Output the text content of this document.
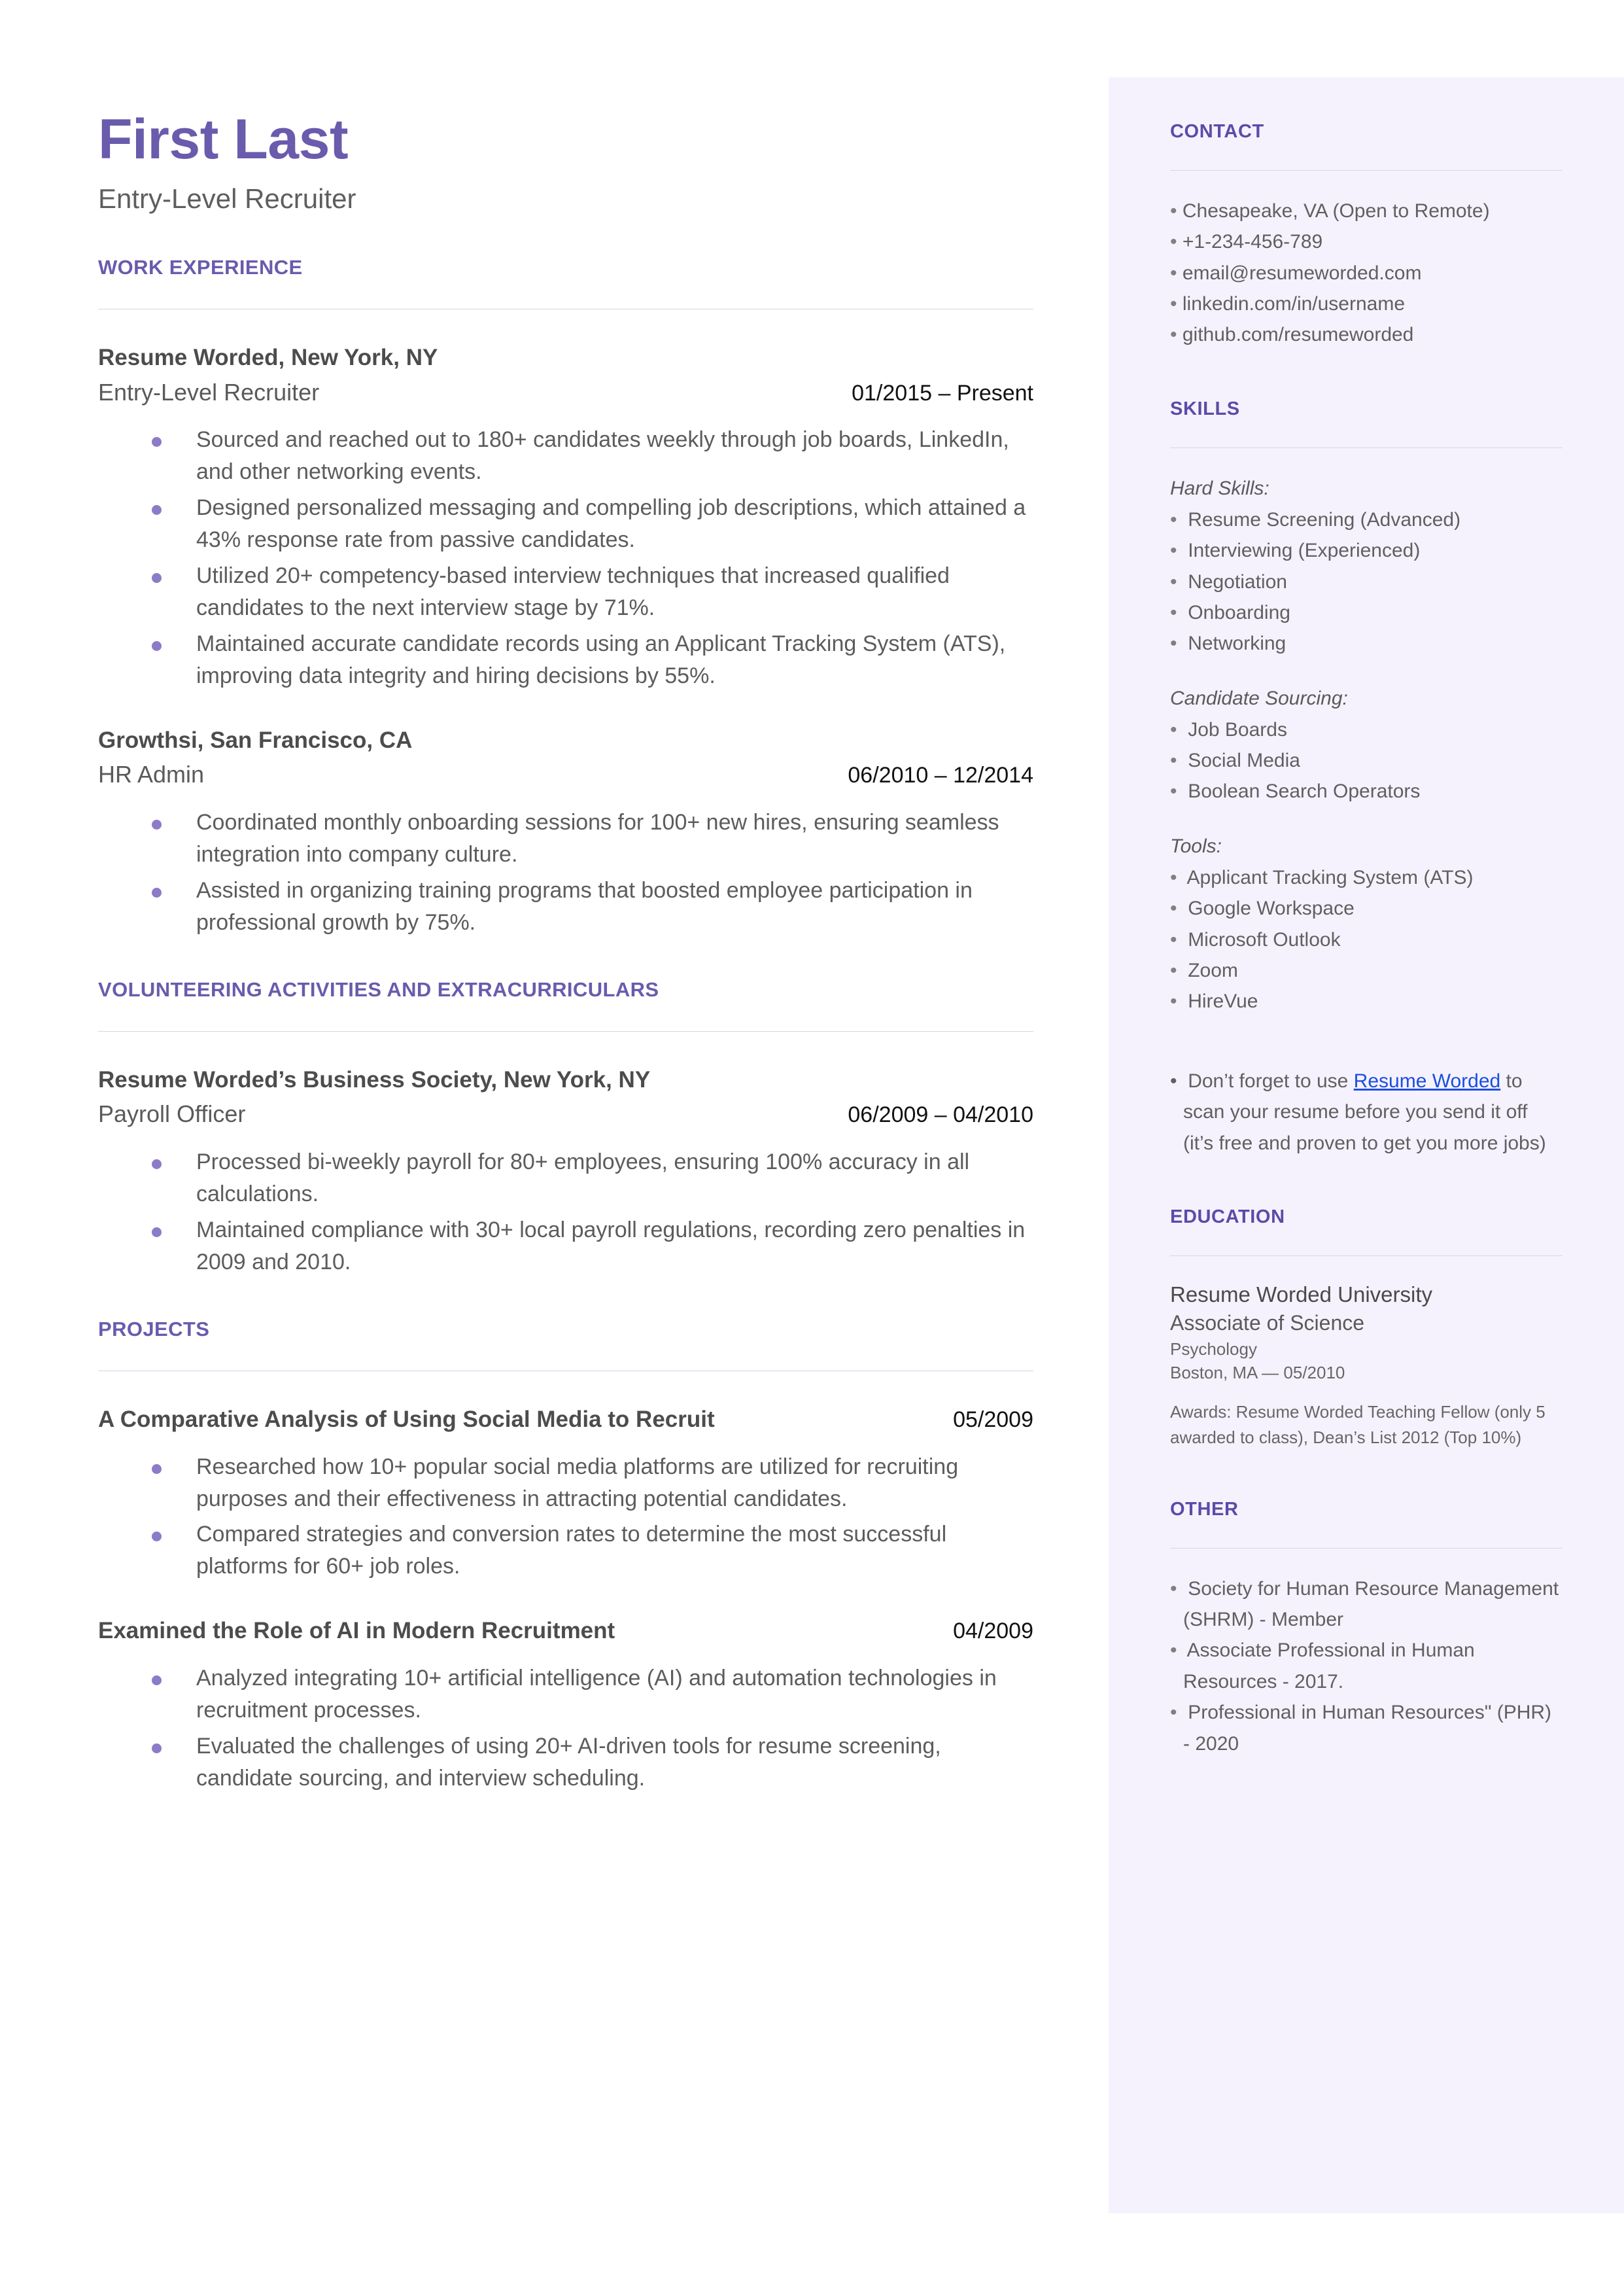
First Last
Entry-Level Recruiter
WORK EXPERIENCE
Resume Worded, New York, NY
Entry-Level Recruiter	01/2015 – Present
Sourced and reached out to 180+ candidates weekly through job boards, LinkedIn, and other networking events.
Designed personalized messaging and compelling job descriptions, which attained a 43% response rate from passive candidates.
Utilized 20+ competency-based interview techniques that increased qualified candidates to the next interview stage by 71%.
Maintained accurate candidate records using an Applicant Tracking System (ATS), improving data integrity and hiring decisions by 55%.
Growthsi, San Francisco, CA
HR Admin	06/2010 – 12/2014
Coordinated monthly onboarding sessions for 100+ new hires, ensuring seamless integration into company culture.
Assisted in organizing training programs that boosted employee participation in professional growth by 75%.
VOLUNTEERING ACTIVITIES AND EXTRACURRICULARS
Resume Worded’s Business Society, New York, NY
Payroll Officer	06/2009 – 04/2010
Processed bi-weekly payroll for 80+ employees, ensuring 100% accuracy in all calculations.
Maintained compliance with 30+ local payroll regulations, recording zero penalties in 2009 and 2010.
PROJECTS
A Comparative Analysis of Using Social Media to Recruit	05/2009
Researched how 10+ popular social media platforms are utilized for recruiting purposes and their effectiveness in attracting potential candidates.
Compared strategies and conversion rates to determine the most successful platforms for 60+ job roles.
Examined the Role of AI in Modern Recruitment	04/2009
Analyzed integrating 10+ artificial intelligence (AI) and automation technologies in recruitment processes.
Evaluated the challenges of using 20+ AI-driven tools for resume screening, candidate sourcing, and interview scheduling.
CONTACT
• Chesapeake, VA (Open to Remote)
• +1-234-456-789
• email@resumeworded.com
• linkedin.com/in/username
• github.com/resumeworded
SKILLS
Hard Skills:
• Resume Screening (Advanced)
• Interviewing (Experienced)
• Negotiation
• Onboarding
• Networking
Candidate Sourcing:
• Job Boards
• Social Media
• Boolean Search Operators
Tools:
• Applicant Tracking System (ATS)
• Google Workspace
• Microsoft Outlook
• Zoom
• HireVue
• Don’t forget to use Resume Worded to scan your resume before you send it off (it’s free and proven to get you more jobs)
EDUCATION
Resume Worded University
Associate of Science
Psychology
Boston, MA — 05/2010
Awards: Resume Worded Teaching Fellow (only 5 awarded to class), Dean’s List 2012 (Top 10%)
OTHER
• Society for Human Resource Management (SHRM) - Member
•  Associate Professional in Human Resources - 2017.
• Professional in Human Resources" (PHR) - 2020
